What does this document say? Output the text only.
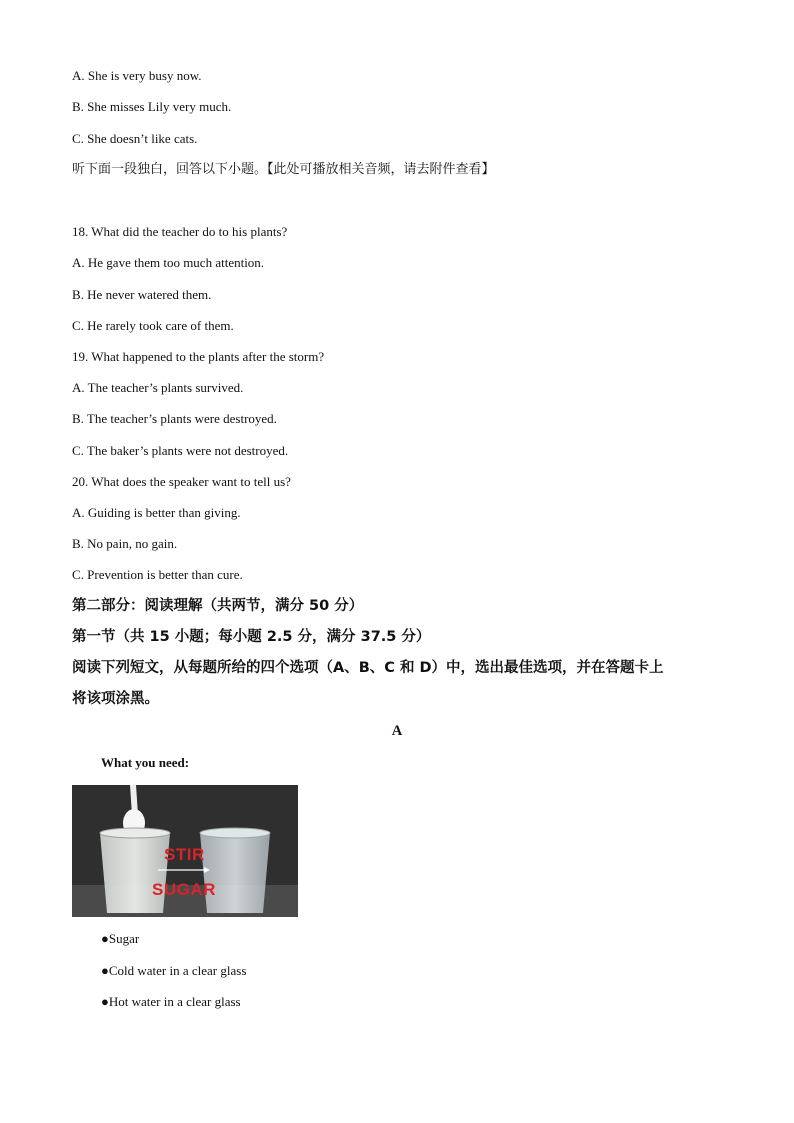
A. She is very busy now.
B. She misses Lily very much.
C. She doesn’t like cats.
听下面一段独白，回答以下小题。【此处可播放相关音频，请去附件查看】
18. What did the teacher do to his plants?
A. He gave them too much attention.
B. He never watered them.
C. He rarely took care of them.
19. What happened to the plants after the storm?
A. The teacher’s plants survived.
B. The teacher’s plants were destroyed.
C. The baker’s plants were not destroyed.
20. What does the speaker want to tell us?
A. Guiding is better than giving.
B. No pain, no gain.
C. Prevention is better than cure.
第二部分：阅读理解（共两节，满分 50 分）
第一节（共 15 小题；每小题 2.5 分，满分 37.5 分）
阅读下列短文，从每题所给的四个选项（A、B、C 和 D）中，选出最佳选项，并在答题卡上
将该项涂黑。
A
What you need:
STIR
SUGAR
●Sugar
●Cold water in a clear glass
●Hot water in a clear glass
